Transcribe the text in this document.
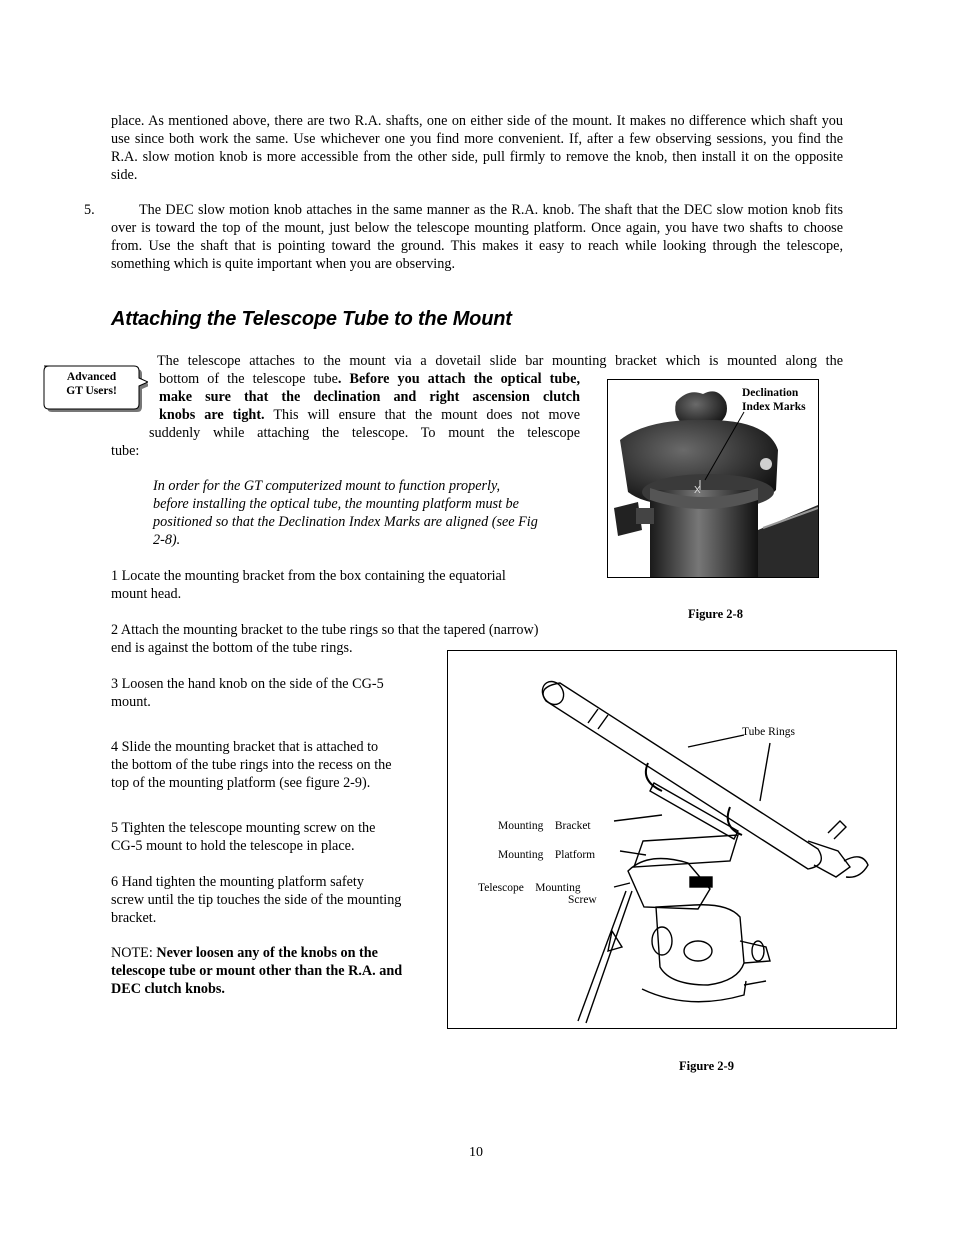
place. As mentioned above, there are two R.A. shafts, one on either side of the mount. It makes no difference which shaft you use since both work the same. Use whichever one you find more convenient. If, after a few observing sessions, you find the R.A. slow motion knob is more accessible from the other side, pull firmly to remove the knob, then install it on the opposite side.
5.	The DEC slow motion knob attaches in the same manner as the R.A. knob. The shaft that the DEC slow motion knob fits over is toward the top of the mount, just below the telescope mounting platform. Once again, you have two shafts to choose from. Use the shaft that is pointing toward the ground. This makes it easy to reach while looking through the telescope, something which is quite important when you are observing.
Attaching the Telescope Tube to the Mount
Advanced
GT Users!
The telescope attaches to the mount via a dovetail slide bar mounting bracket which is mounted along the
bottom of the telescope tube. Before you attach the optical tube,
make sure that the declination and right ascension clutch
knobs are tight. This will ensure that the mount does not move
suddenly while attaching the telescope. To mount the telescope
tube:
In order for the GT computerized mount to function properly,
before installing the optical tube, the mounting platform must be
positioned so that the Declination Index Marks are aligned (see Fig
2-8).
1 Locate the mounting bracket from the box containing the equatorial
mount head.
2 Attach the mounting bracket to the tube rings so that the tapered (narrow)
end is against the bottom of the tube rings.
3 Loosen the hand knob on the side of the CG-5
mount.
4 Slide the mounting bracket that is attached to
the bottom of the tube rings into the recess on the
top of the mounting platform (see figure 2-9).
5 Tighten the telescope mounting screw on the
CG-5 mount to hold the telescope in place.
6 Hand tighten the mounting platform safety
screw until the tip touches the side of the mounting
bracket.
NOTE: Never loosen any of the knobs on the
telescope tube or mount other than the R.A. and
DEC clutch knobs.
X
Declination
Index Marks
Figure 2-8
Tube Rings
Mounting    Bracket
Mounting    Platform
Telescope    Mounting
Screw
Figure 2-9
10
